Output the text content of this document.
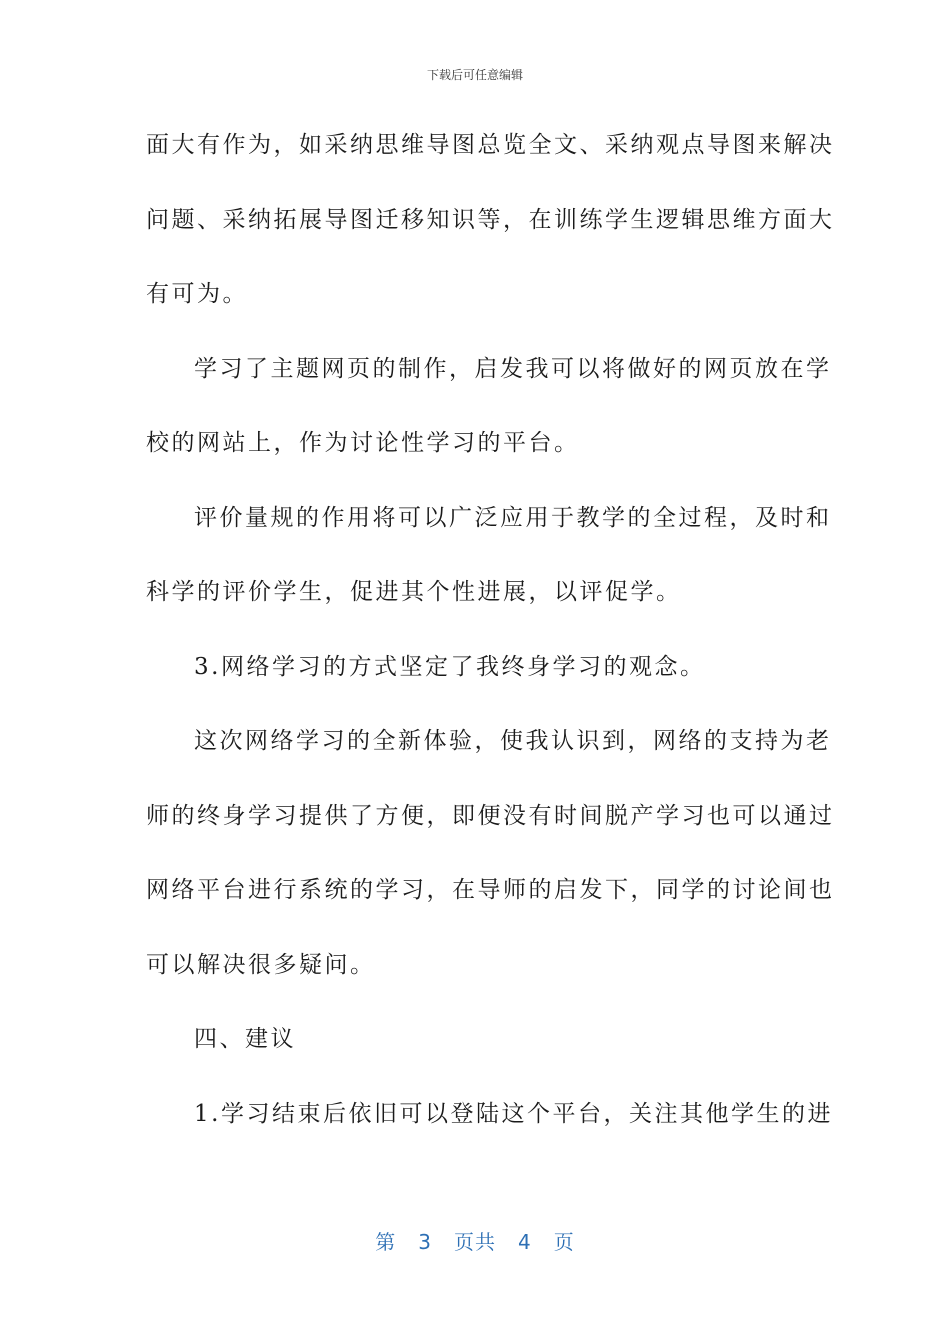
下载后可任意编辑
面大有作为，如采纳思维导图总览全文、采纳观点导图来解决
问题、采纳拓展导图迁移知识等，在训练学生逻辑思维方面大
有可为。
学习了主题网页的制作，启发我可以将做好的网页放在学
校的网站上，作为讨论性学习的平台。
评价量规的作用将可以广泛应用于教学的全过程，及时和
科学的评价学生，促进其个性进展，以评促学。
3.网络学习的方式坚定了我终身学习的观念。
这次网络学习的全新体验，使我认识到，网络的支持为老
师的终身学习提供了方便，即便没有时间脱产学习也可以通过
网络平台进行系统的学习，在导师的启发下，同学的讨论间也
可以解决很多疑问。
四、建议
1.学习结束后依旧可以登陆这个平台，关注其他学生的进
第 3 页共 4 页
